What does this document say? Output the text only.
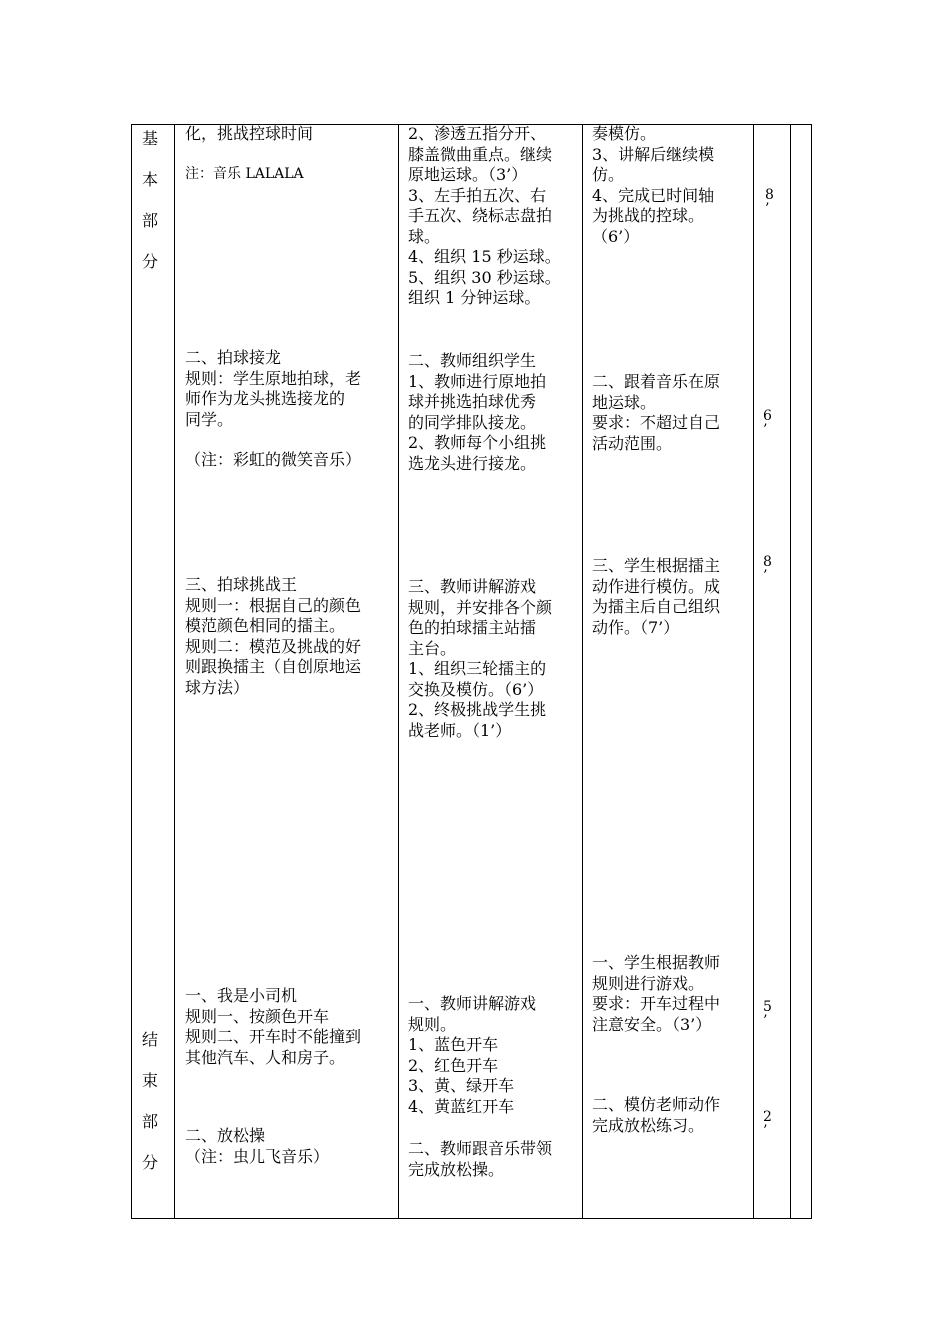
基
本
部
分
结
束
部
分
化，挑战控球时间
注：音乐 LALALA
二、拍球接龙
规则：学生原地拍球，老
师作为龙头挑选接龙的
同学。
（注：彩虹的微笑音乐）
三、拍球挑战王
规则一：根据自己的颜色
模范颜色相同的擂主。
规则二：模范及挑战的好
则跟换擂主（自创原地运
球方法）
2、渗透五指分开、
膝盖微曲重点。继续
原地运球。（3’）
3、左手拍五次、右
手五次、绕标志盘拍
球。
4、组织 15 秒运球。
5、组织 30 秒运球。
组织 1 分钟运球。
二、教师组织学生
1、教师进行原地拍
球并挑选拍球优秀
的同学排队接龙。
2、教师每个小组挑
选龙头进行接龙。
三、教师讲解游戏
规则，并安排各个颜
色的拍球擂主站擂
主台。
1、组织三轮擂主的
交换及模仿。（6’）
2、终极挑战学生挑
战老师。（1’）
奏模仿。
3、讲解后继续模
仿。
4、完成已时间轴
为挑战的控球。
（6’）
二、跟着音乐在原
地运球。
要求：不超过自己
活动范围。
三、学生根据擂主
动作进行模仿。成
为擂主后自己组织
动作。（7’）
8
’
6
’
8
’
一、我是小司机
规则一、按颜色开车
规则二、开车时不能撞到
其他汽车、人和房子。
二、放松操
（注：虫儿飞音乐）
一、教师讲解游戏
规则。
1、蓝色开车
2、红色开车
3、黄、绿开车
4、黄蓝红开车
二、教师跟音乐带领
完成放松操。
一、学生根据教师
规则进行游戏。
要求：开车过程中
注意安全。（3’）
二、模仿老师动作
完成放松练习。
5
’
2
’
